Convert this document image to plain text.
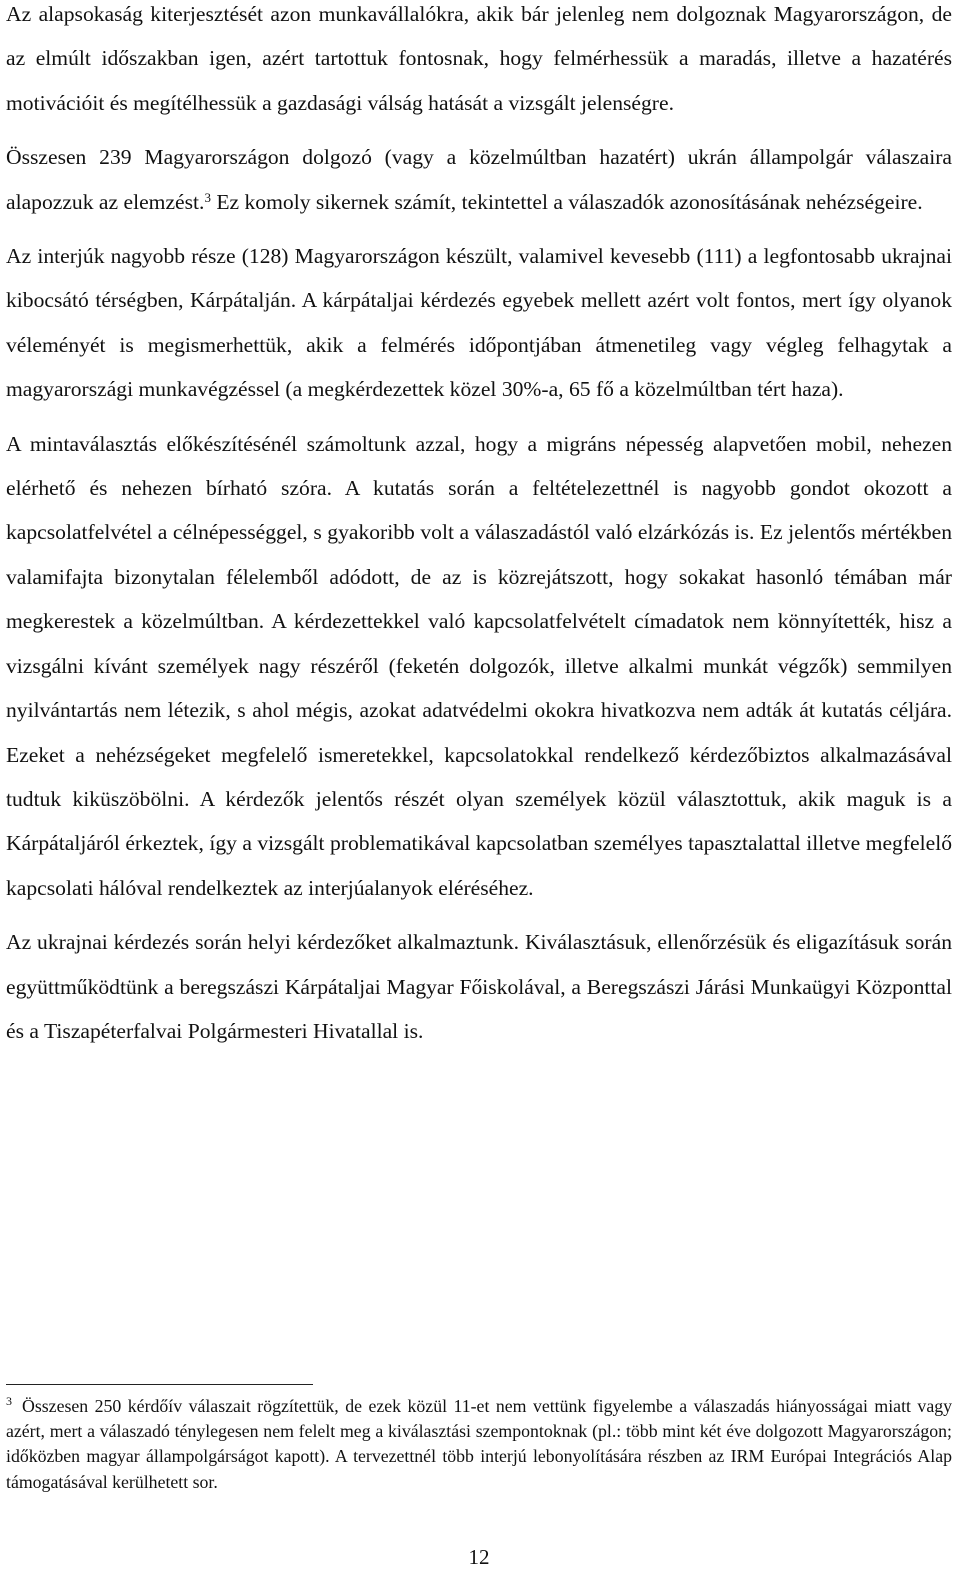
Az alapsokaság kiterjesztését azon munkavállalókra, akik bár jelenleg nem dolgoznak Magyarországon, de az elmúlt időszakban igen, azért tartottuk fontosnak, hogy felmérhessük a maradás, illetve a hazatérés motivációit és megítélhessük a gazdasági válság hatását a vizsgált jelenségre.

Összesen 239 Magyarországon dolgozó (vagy a közelmúltban hazatért) ukrán állampolgár válaszaira alapozzuk az elemzést.$^3$ Ez komoly sikernek számít, tekintettel a válaszadók azonosításának nehézségeire.

Az interjúk nagyobb része (128) Magyarországon készült, valamivel kevesebb (111) a legfontosabb ukrajnai kibocsátó térségben, Kárpátalján. A kárpátaljai kérdezés egyebek mellett azért volt fontos, mert így olyanok véleményét is megismerhettük, akik a felmérés időpontjában átmenetileg vagy végleg felhagytak a magyarországi munkavégzéssel (a megkérdezettek közel 30%-a, 65 fő a közelmúltban tért haza).

A mintaválasztás előkészítésénél számoltunk azzal, hogy a migráns népesség alapvetően mobil, nehezen elérhető és nehezen bírható szóra. A kutatás során a feltételezettnél is nagyobb gondot okozott a kapcsolatfelvétel a célnépességgel, s gyakoribb volt a válaszadástól való elzárkózás is. Ez jelentős mértékben valamifajta bizonytalan félelemből adódott, de az is közrejátszott, hogy sokakat hasonló témában már megkerestek a közelmúltban. A kérdezettekkel való kapcsolatfelvételt címadatok nem könnyítették, hisz a vizsgálni kívánt személyek nagy részéről (feketén dolgozók, illetve alkalmi munkát végzők) semmilyen nyilvántartás nem létezik, s ahol mégis, azokat adatvédelmi okokra hivatkozva nem adták át kutatás céljára. Ezeket a nehézségeket megfelelő ismeretekkel, kapcsolatokkal rendelkező kérdezőbiztos alkalmazásával tudtuk kiküszöbölni. A kérdezők jelentős részét olyan személyek közül választottuk, akik maguk is a Kárpátaljáról érkeztek, így a vizsgált problematikával kapcsolatban személyes tapasztalattal illetve megfelelő kapcsolati hálóval rendelkeztek az interjúalanyok eléréséhez.

Az ukrajnai kérdezés során helyi kérdezőket alkalmaztunk. Kiválasztásuk, ellenőrzésük és eligazításuk során együttműködtünk a beregszászi Kárpátaljai Magyar Főiskolával, a Beregszászi Járási Munkaügyi Központtal és a Tiszapéterfalvai Polgármesteri Hivatallal is.

$^3$ Összesen 250 kérdőív válaszait rögzítettük, de ezek közül 11-et nem vettünk figyelembe a válaszadás hiányosságai miatt vagy azért, mert a válaszadó ténylegesen nem felelt meg a kiválasztási szempontoknak (pl.: több mint két éve dolgozott Magyarországon; időközben magyar állampolgárságot kapott). A tervezettnél több interjú lebonyolítására részben az IRM Európai Integrációs Alap támogatásával kerülhetett sor.

12
